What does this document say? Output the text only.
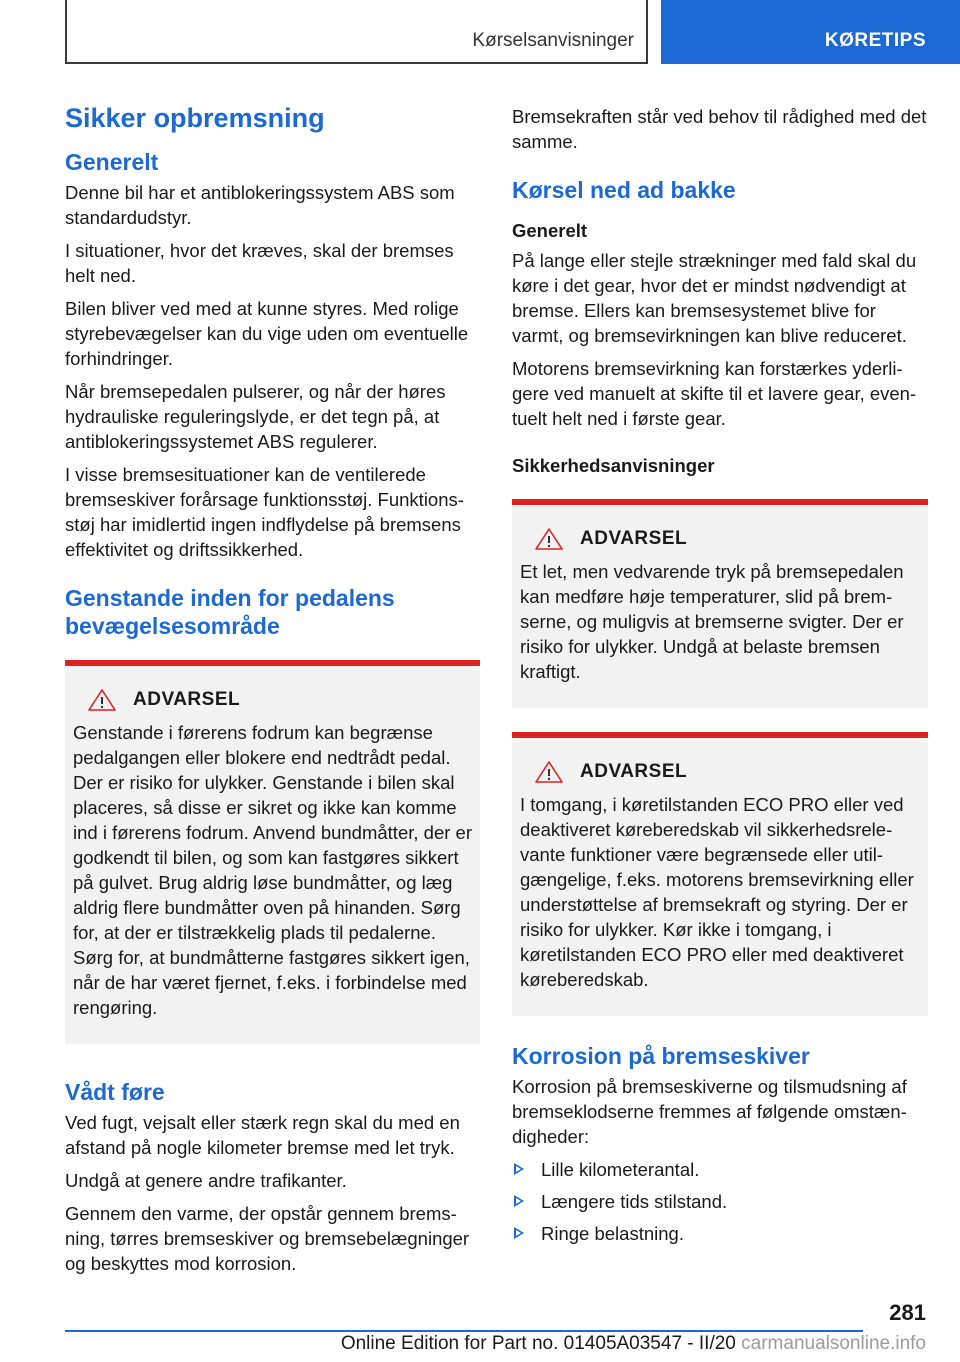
Kørselsanvisninger	KØRETIPS
Sikker opbremsning
Generelt

Denne bil har et antiblokeringssystem ABS som standardudstyr.

I situationer, hvor det kræves, skal der bremses helt ned.

Bilen bliver ved med at kunne styres. Med rolige styrebevægelser kan du vige uden om eventuelle forhindringer.

Når bremsepedalen pulserer, og når der høres hydrauliske reguleringslyde, er det tegn på, at antiblokeringssystemet ABS regulerer.

I visse bremsesituationer kan de ventilerede bremseskiver forårsage funktionsstøj. Funktionsstøj har imidlertid ingen indflydelse på bremsens effektivitet og driftssikkerhed.

Genstande inden for pedalens bevægelsesområde
ADVARSEL

Genstande i førerens fodrum kan begrænse pedalgangen eller blokere end nedtrådt pedal. Der er risiko for ulykker. Genstande i bilen skal placeres, så disse er sikret og ikke kan komme ind i førerens fodrum. Anvend bundmåtter, der er godkendt til bilen, og som kan fastgøres sikkert på gulvet. Brug aldrig løse bundmåtter, og læg aldrig flere bundmåtter oven på hinanden. Sørg for, at der er tilstrækkelig plads til pedalerne. Sørg for, at bundmåtterne fastgøres sikkert igen, når de har været fjernet, f.eks. i forbindelse med rengøring.

Vådt føre

Ved fugt, vejsalt eller stærk regn skal du med en afstand på nogle kilometer bremse med let tryk.

Undgå at genere andre trafikanter.

Gennem den varme, der opstår gennem bremsning, tørres bremseskiver og bremsebelægninger og beskyttes mod korrosion.

Bremsekraften står ved behov til rådighed med det samme.

Kørsel ned ad bakke
Generelt

På lange eller stejle strækninger med fald skal du køre i det gear, hvor det er mindst nødvendigt at bremse. Ellers kan bremsesystemet blive for varmt, og bremsevirkningen kan blive reduceret.

Motorens bremsevirkning kan forstærkes yderligere ved manuelt at skifte til et lavere gear, eventuelt helt ned i første gear.

Sikkerhedsanvisninger
ADVARSEL

Et let, men vedvarende tryk på bremsepedalen kan medføre høje temperaturer, slid på bremserne, og muligvis at bremserne svigter. Der er risiko for ulykker. Undgå at belaste bremsen kraftigt.

ADVARSEL

I tomgang, i køretilstanden ECO PRO eller ved deaktiveret køreberedskab vil sikkerhedsrelevante funktioner være begrænsede eller utilgængelige, f.eks. motorens bremsevirkning eller understøttelse af bremsekraft og styring. Der er risiko for ulykker. Kør ikke i tomgang, i køretilstanden ECO PRO eller med deaktiveret køreberedskab.

Korrosion på bremseskiver

Korrosion på bremseskiverne og tilsmudsning af bremseklodserne fremmes af følgende omstændigheder:

Lille kilometerantal.
Længere tids stilstand.
Ringe belastning.
281
Online Edition for Part no. 01405A03547 - II/20 carmanualsonline.info
